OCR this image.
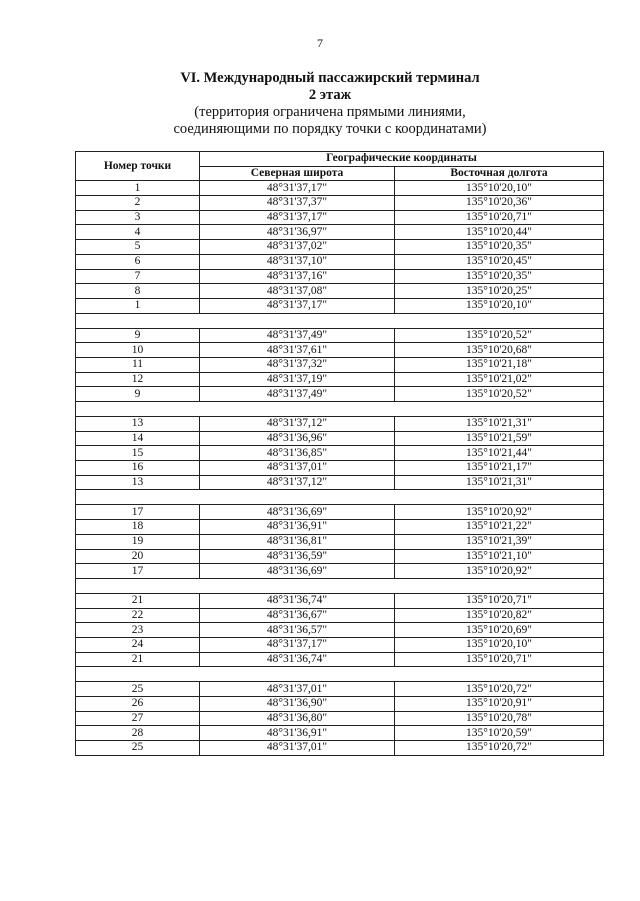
7
VI. Международный пассажирский терминал
2 этаж
(территория ограничена прямыми линиями,
соединяющими по порядку точки с координатами)
Номер точки	Географические координаты	
	Северная широта	Восточная долгота
1	48°31'37,17"	135°10'20,10"
2	48°31'37,37"	135°10'20,36"
3	48°31'37,17"	135°10'20,71"
4	48°31'36,97"	135°10'20,44"
5	48°31'37,02"	135°10'20,35"
6	48°31'37,10"	135°10'20,45"
7	48°31'37,16"	135°10'20,35"
8	48°31'37,08"	135°10'20,25"
1	48°31'37,17"	135°10'20,10"

9	48°31'37,49"	135°10'20,52"
10	48°31'37,61"	135°10'20,68"
11	48°31'37,32"	135°10'21,18"
12	48°31'37,19"	135°10'21,02"
9	48°31'37,49"	135°10'20,52"

13	48°31'37,12"	135°10'21,31"
14	48°31'36,96"	135°10'21,59"
15	48°31'36,85"	135°10'21,44"
16	48°31'37,01"	135°10'21,17"
13	48°31'37,12"	135°10'21,31"

17	48°31'36,69"	135°10'20,92"
18	48°31'36,91"	135°10'21,22"
19	48°31'36,81"	135°10'21,39"
20	48°31'36,59"	135°10'21,10"
17	48°31'36,69"	135°10'20,92"

21	48°31'36,74"	135°10'20,71"
22	48°31'36,67"	135°10'20,82"
23	48°31'36,57"	135°10'20,69"
24	48°31'37,17"	135°10'20,10"
21	48°31'36,74"	135°10'20,71"

25	48°31'37,01"	135°10'20,72"
26	48°31'36,90"	135°10'20,91"
27	48°31'36,80"	135°10'20,78"
28	48°31'36,91"	135°10'20,59"
25	48°31'37,01"	135°10'20,72"
